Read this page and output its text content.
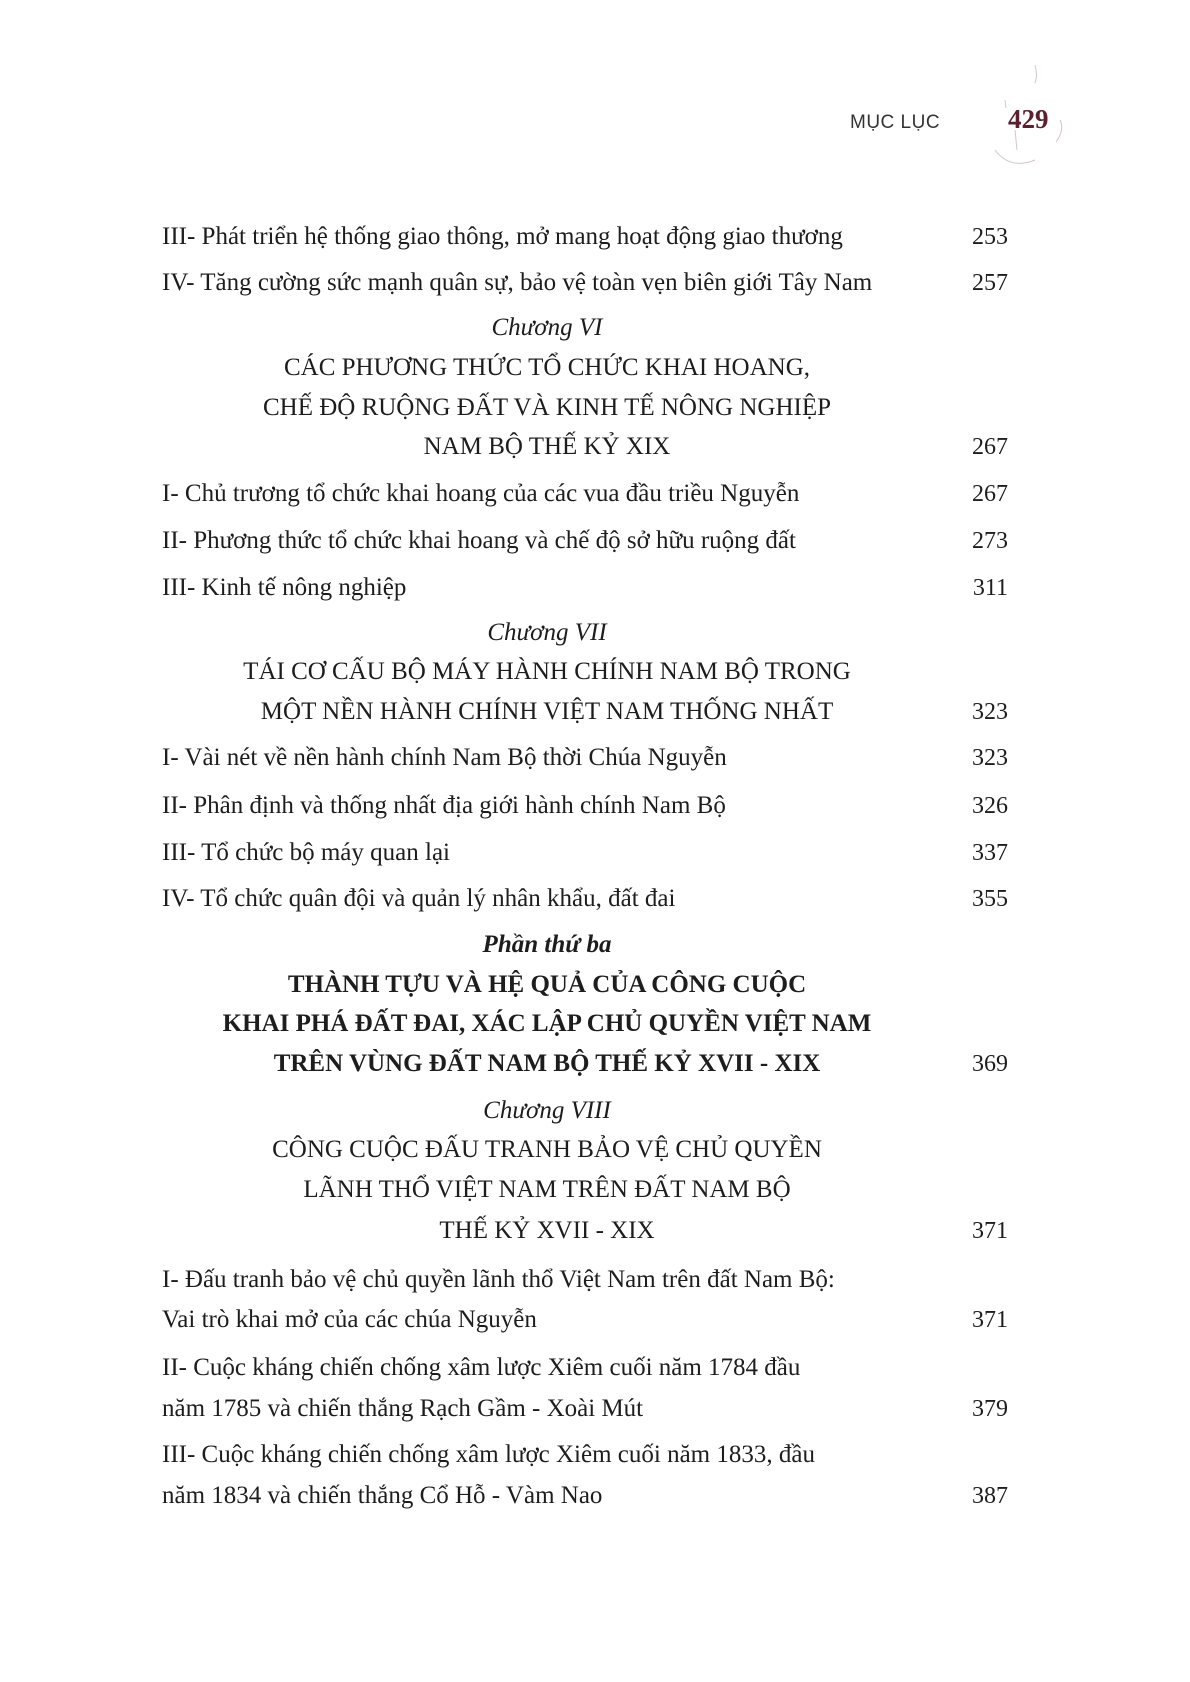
MỤC LỤC	429
III- Phát triển hệ thống giao thông, mở mang hoạt động giao thương	253
IV- Tăng cường sức mạnh quân sự, bảo vệ toàn vẹn biên giới Tây Nam	257
Chương VI
CÁC PHƯƠNG THỨC TỔ CHỨC KHAI HOANG,
CHẾ ĐỘ RUỘNG ĐẤT VÀ KINH TẾ NÔNG NGHIỆP
NAM BỘ THẾ KỶ XIX	267
I- Chủ trương tổ chức khai hoang của các vua đầu triều Nguyễn	267
II- Phương thức tổ chức khai hoang và chế độ sở hữu ruộng đất	273
III- Kinh tế nông nghiệp	311
Chương VII
TÁI CƠ CẤU BỘ MÁY HÀNH CHÍNH NAM BỘ TRONG
MỘT NỀN HÀNH CHÍNH VIỆT NAM THỐNG NHẤT	323
I- Vài nét về nền hành chính Nam Bộ thời Chúa Nguyễn	323
II- Phân định và thống nhất địa giới hành chính Nam Bộ	326
III- Tổ chức bộ máy quan lại	337
IV- Tổ chức quân đội và quản lý nhân khẩu, đất đai	355
Phần thứ ba
THÀNH TỰU VÀ HỆ QUẢ CỦA CÔNG CUỘC
KHAI PHÁ ĐẤT ĐAI, XÁC LẬP CHỦ QUYỀN VIỆT NAM
TRÊN VÙNG ĐẤT NAM BỘ THẾ KỶ XVII - XIX	369
Chương VIII
CÔNG CUỘC ĐẤU TRANH BẢO VỆ CHỦ QUYỀN
LÃNH THỔ VIỆT NAM TRÊN ĐẤT NAM BỘ
THẾ KỶ XVII - XIX	371
I- Đấu tranh bảo vệ chủ quyền lãnh thổ Việt Nam trên đất Nam Bộ:
Vai trò khai mở của các chúa Nguyễn	371
II- Cuộc kháng chiến chống xâm lược Xiêm cuối năm 1784 đầu
năm 1785 và chiến thắng Rạch Gầm - Xoài Mút	379
III- Cuộc kháng chiến chống xâm lược Xiêm cuối năm 1833, đầu
năm 1834 và chiến thắng Cổ Hỗ - Vàm Nao	387
